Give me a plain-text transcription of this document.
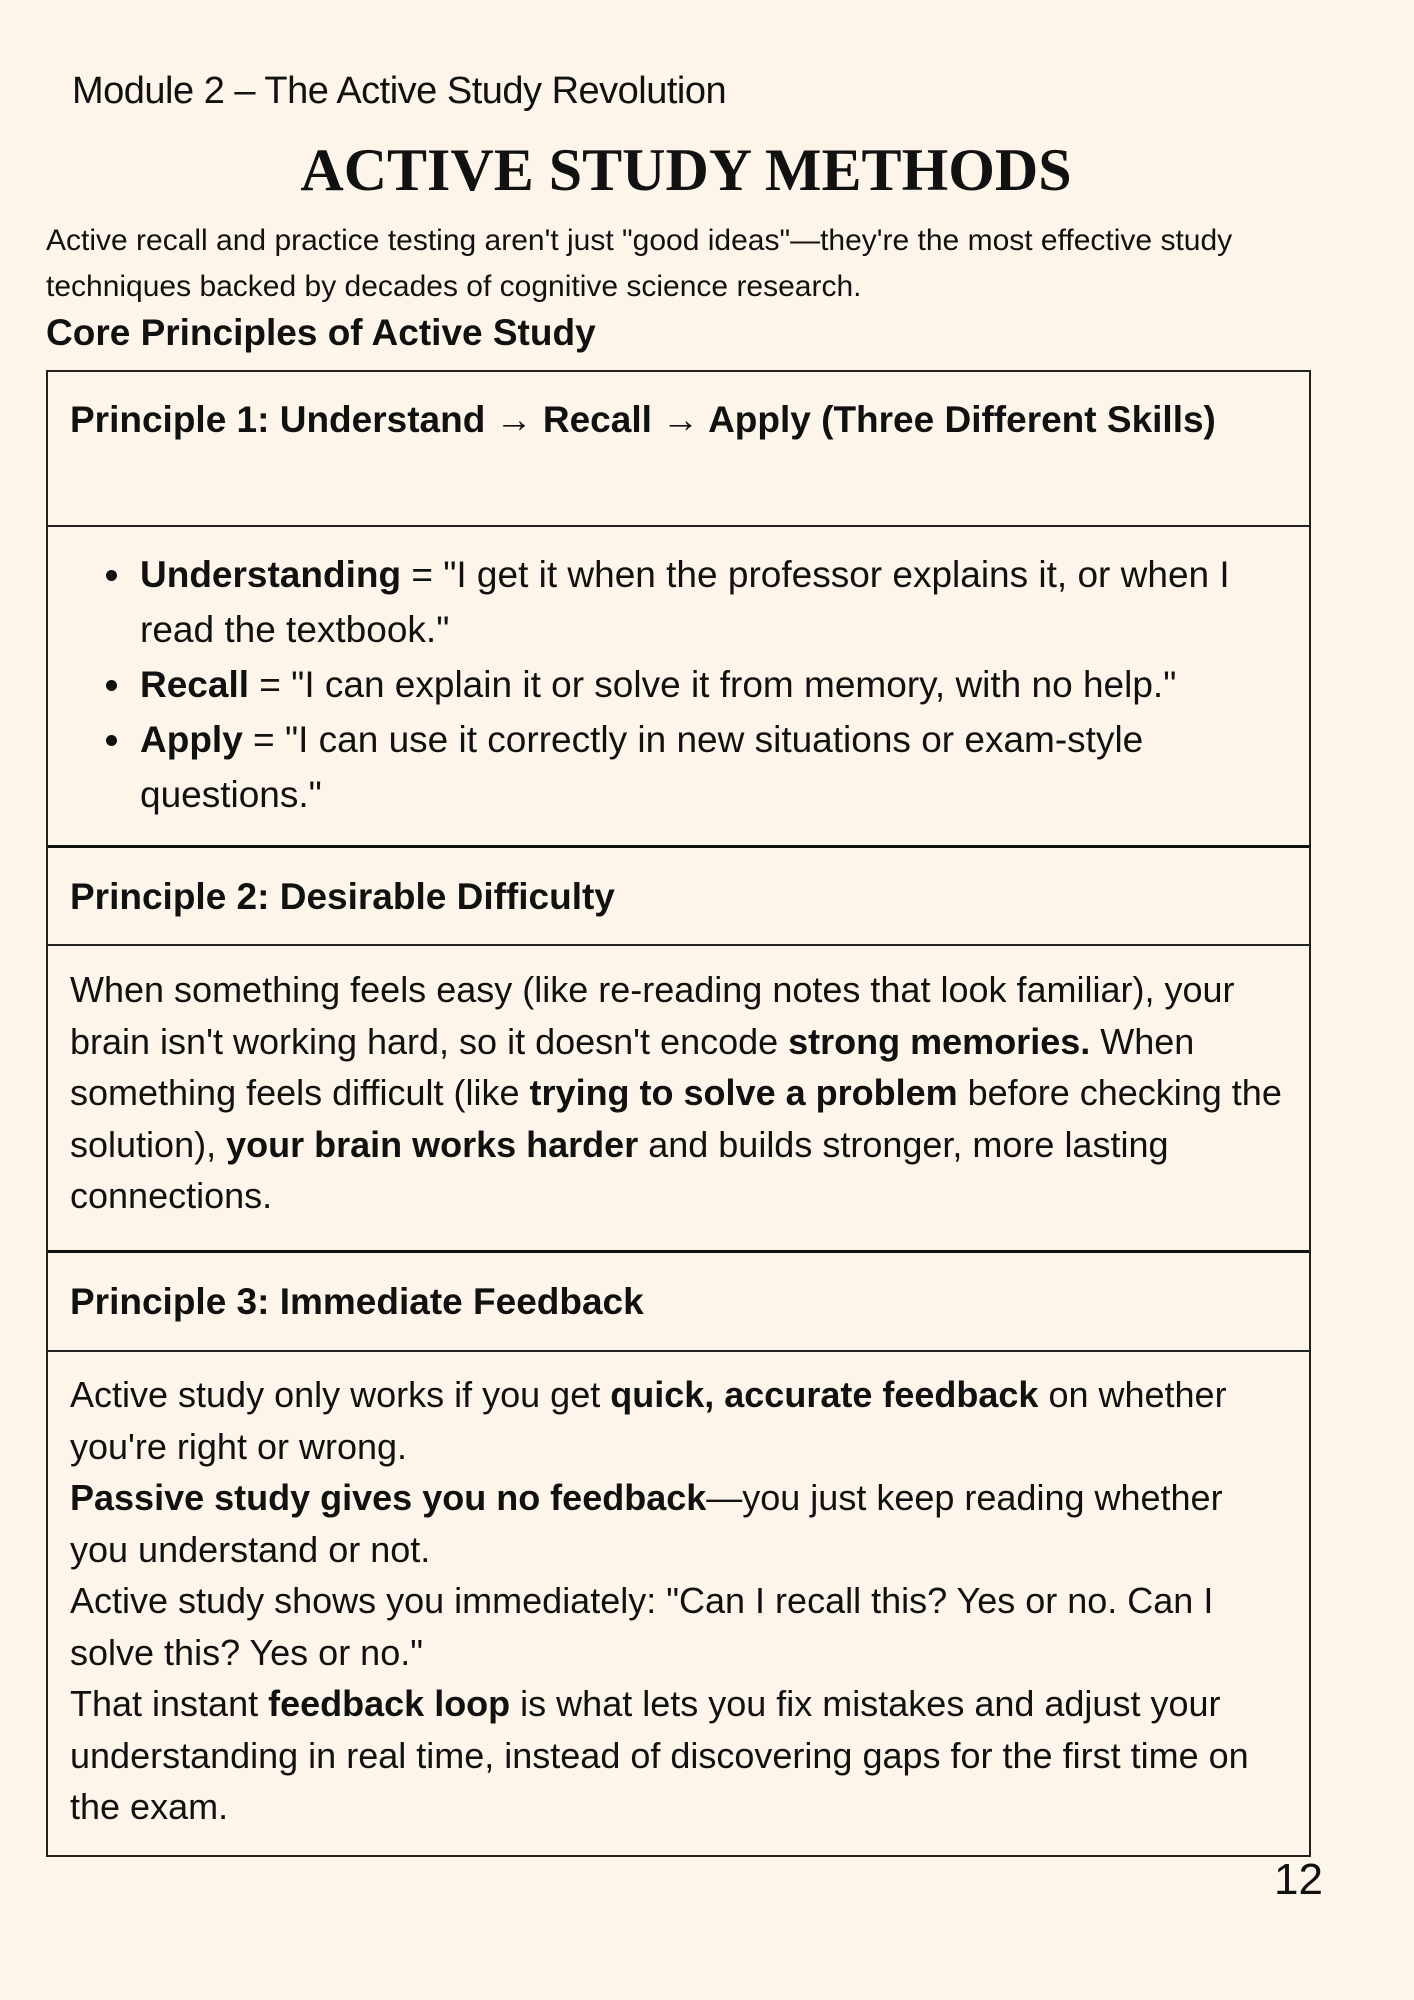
Module 2 – The Active Study Revolution
ACTIVE STUDY METHODS
Active recall and practice testing aren't just "good ideas"—they're the most effective study techniques backed by decades of cognitive science research.
Core Principles of Active Study
Principle 1: Understand → Recall → Apply (Three Different Skills)
Understanding = "I get it when the professor explains it, or when I read the textbook."
Recall = "I can explain it or solve it from memory, with no help."
Apply = "I can use it correctly in new situations or exam-style questions."
Principle 2: Desirable Difficulty
When something feels easy (like re-reading notes that look familiar), your brain isn't working hard, so it doesn't encode strong memories. When something feels difficult (like trying to solve a problem before checking the solution), your brain works harder and builds stronger, more lasting connections.
Principle 3: Immediate Feedback
Active study only works if you get quick, accurate feedback on whether you're right or wrong.
Passive study gives you no feedback—you just keep reading whether you understand or not.
Active study shows you immediately: "Can I recall this? Yes or no. Can I solve this? Yes or no."
That instant feedback loop is what lets you fix mistakes and adjust your understanding in real time, instead of discovering gaps for the first time on the exam.
12
